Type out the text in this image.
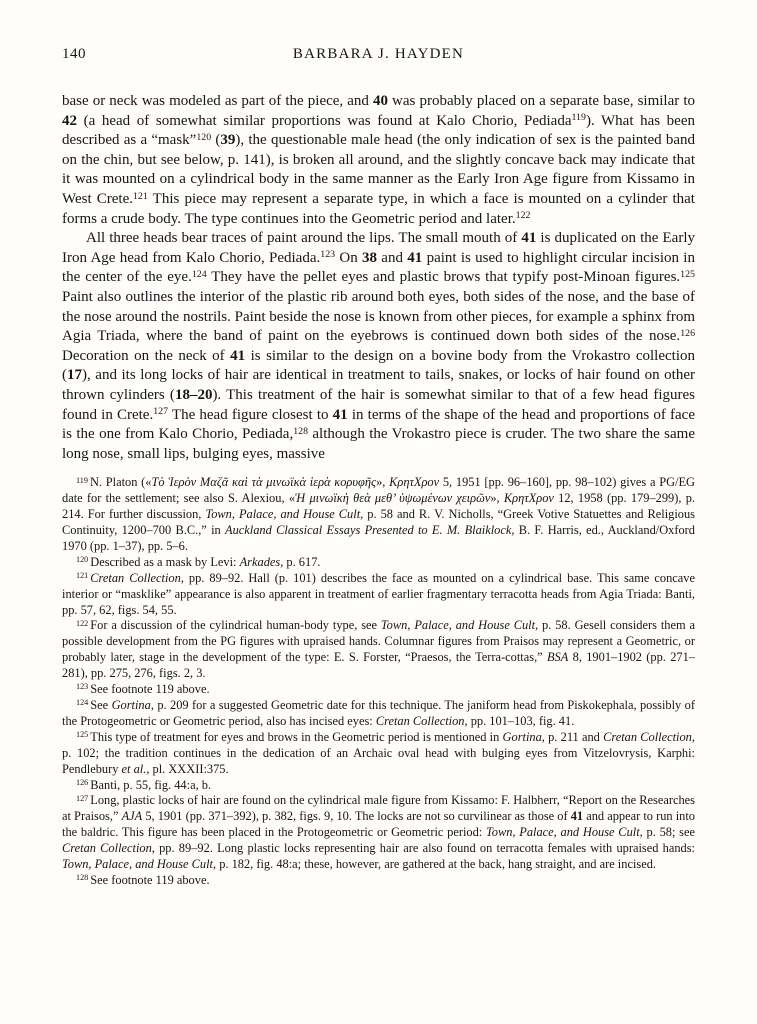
140	BARBARA J. HAYDEN

base or neck was modeled as part of the piece, and 40 was probably placed on a separate base, similar to 42 (a head of somewhat similar proportions was found at Kalo Chorio, Pediada$^{119}$). What has been described as a “mask”$^{120}$ (39), the questionable male head (the only indication of sex is the painted band on the chin, but see below, p. 141), is broken all around, and the slightly concave back may indicate that it was mounted on a cylindrical body in the same manner as the Early Iron Age figure from Kissamo in West Crete.$^{121}$ This piece may represent a separate type, in which a face is mounted on a cylinder that forms a crude body. The type continues into the Geometric period and later.$^{122}$

All three heads bear traces of paint around the lips. The small mouth of 41 is duplicated on the Early Iron Age head from Kalo Chorio, Pediada.$^{123}$ On 38 and 41 paint is used to highlight circular incision in the center of the eye.$^{124}$ They have the pellet eyes and plastic brows that typify post-Minoan figures.$^{125}$ Paint also outlines the interior of the plastic rib around both eyes, both sides of the nose, and the base of the nose around the nostrils. Paint beside the nose is known from other pieces, for example a sphinx from Agia Triada, where the band of paint on the eyebrows is continued down both sides of the nose.$^{126}$ Decoration on the neck of 41 is similar to the design on a bovine body from the Vrokastro collection (17), and its long locks of hair are identical in treatment to tails, snakes, or locks of hair found on other thrown cylinders (18–20). This treatment of the hair is somewhat similar to that of a few head figures found in Crete.$^{127}$ The head figure closest to 41 in terms of the shape of the head and proportions of face is the one from Kalo Chorio, Pediada,$^{128}$ although the Vrokastro piece is cruder. The two share the same long nose, small lips, bulging eyes, massive

$^{119}$ N. Platon («Τὸ Ἱερὸν Μαζᾶ καὶ τὰ μινωϊκὰ ἱερὰ κορυφῆς», ΚρητΧρον 5, 1951 [pp. 96–160], pp. 98–102) gives a PG/EG date for the settlement; see also S. Alexiou, «Ἡ μινωϊκὴ θεὰ μεθ’ ὑψωμένων χειρῶν», ΚρητΧρον 12, 1958 (pp. 179–299), p. 214. For further discussion, Town, Palace, and House Cult, p. 58 and R. V. Nicholls, “Greek Votive Statuettes and Religious Continuity, 1200–700 B.C.,” in Auckland Classical Essays Presented to E. M. Blaiklock, B. F. Harris, ed., Auckland/Oxford 1970 (pp. 1–37), pp. 5–6.

$^{120}$ Described as a mask by Levi: Arkades, p. 617.

$^{121}$ Cretan Collection, pp. 89–92. Hall (p. 101) describes the face as mounted on a cylindrical base. This same concave interior or “masklike” appearance is also apparent in treatment of earlier fragmentary terracotta heads from Agia Triada: Banti, pp. 57, 62, figs. 54, 55.

$^{122}$ For a discussion of the cylindrical human-body type, see Town, Palace, and House Cult, p. 58. Gesell considers them a possible development from the PG figures with upraised hands. Columnar figures from Praisos may represent a Geometric, or probably later, stage in the development of the type: E. S. Forster, “Praesos, the Terra-cottas,” BSA 8, 1901–1902 (pp. 271–281), pp. 275, 276, figs. 2, 3.

$^{123}$ See footnote 119 above.

$^{124}$ See Gortina, p. 209 for a suggested Geometric date for this technique. The janiform head from Piskokephala, possibly of the Protogeometric or Geometric period, also has incised eyes: Cretan Collection, pp. 101–103, fig. 41.

$^{125}$ This type of treatment for eyes and brows in the Geometric period is mentioned in Gortina, p. 211 and Cretan Collection, p. 102; the tradition continues in the dedication of an Archaic oval head with bulging eyes from Vitzelovrysis, Karphi: Pendlebury et al., pl. XXXII:375.

$^{126}$ Banti, p. 55, fig. 44:a, b.

$^{127}$ Long, plastic locks of hair are found on the cylindrical male figure from Kissamo: F. Halbherr, “Report on the Researches at Praisos,” AJA 5, 1901 (pp. 371–392), p. 382, figs. 9, 10. The locks are not so curvilinear as those of 41 and appear to run into the baldric. This figure has been placed in the Protogeometric or Geometric period: Town, Palace, and House Cult, p. 58; see Cretan Collection, pp. 89–92. Long plastic locks representing hair are also found on terracotta females with upraised hands: Town, Palace, and House Cult, p. 182, fig. 48:a; these, however, are gathered at the back, hang straight, and are incised.

$^{128}$ See footnote 119 above.
